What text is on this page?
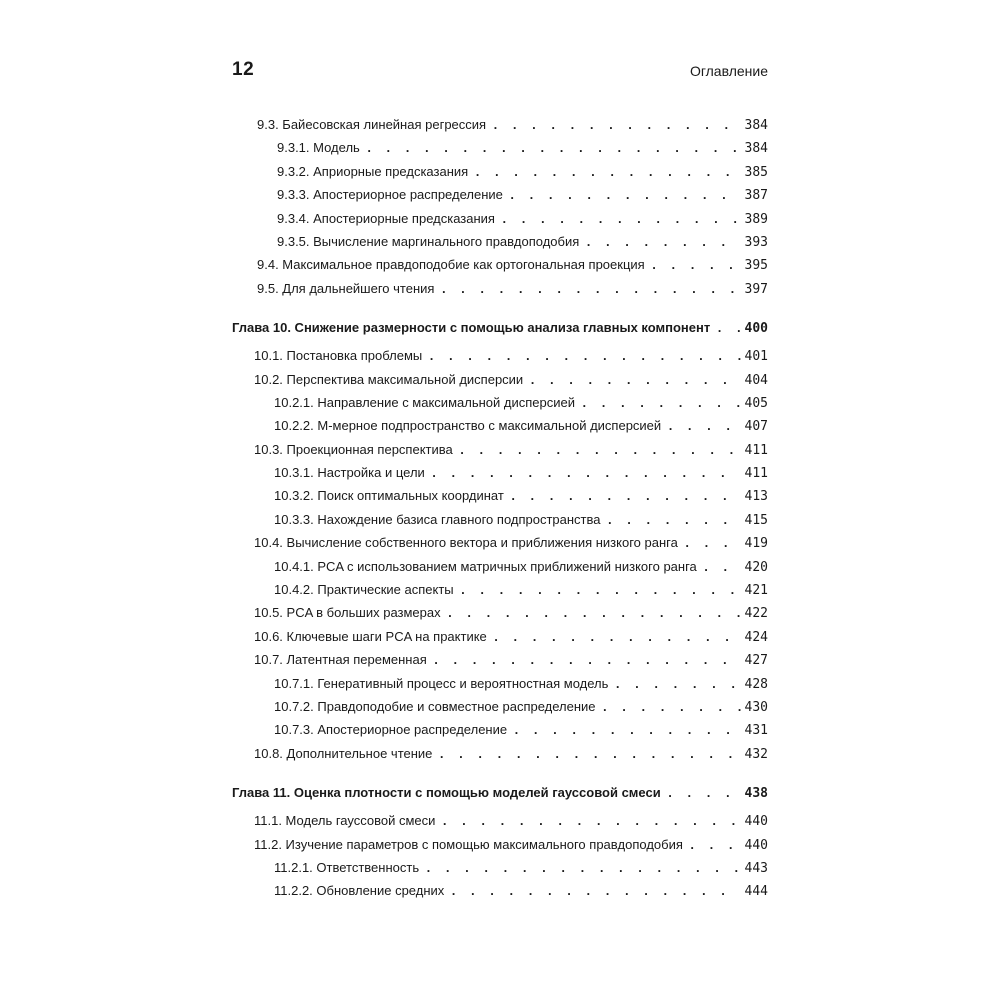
12	Оглавление
9.3. Байесовская линейная регрессия . . .	384
9.3.1. Модель . . .	384
9.3.2. Априорные предсказания . . .	385
9.3.3. Апостериорное распределение . . .	387
9.3.4. Апостериорные предсказания . . .	389
9.3.5. Вычисление маргинального правдоподобия . . .	393
9.4. Максимальное правдоподобие как ортогональная проекция . . .	395
9.5. Для дальнейшего чтения . . .	397
Глава 10. Снижение размерности с помощью анализа главных компонент . . .	400
10.1. Постановка проблемы . . .	401
10.2. Перспектива максимальной дисперсии . . .	404
10.2.1. Направление с максимальной дисперсией . . .	405
10.2.2. M-мерное подпространство с максимальной дисперсией . . .	407
10.3. Проекционная перспектива . . .	411
10.3.1. Настройка и цели . . .	411
10.3.2. Поиск оптимальных координат . . .	413
10.3.3. Нахождение базиса главного подпространства . . .	415
10.4. Вычисление собственного вектора и приближения низкого ранга . . .	419
10.4.1. PCA с использованием матричных приближений низкого ранга . . .	420
10.4.2. Практические аспекты . . .	421
10.5. PCA в больших размерах . . .	422
10.6. Ключевые шаги PCA на практике . . .	424
10.7. Латентная переменная . . .	427
10.7.1. Генеративный процесс и вероятностная модель . . .	428
10.7.2. Правдоподобие и совместное распределение . . .	430
10.7.3. Апостериорное распределение . . .	431
10.8. Дополнительное чтение . . .	432
Глава 11. Оценка плотности с помощью моделей гауссовой смеси . . .	438
11.1. Модель гауссовой смеси . . .	440
11.2. Изучение параметров с помощью максимального правдоподобия . . .	440
11.2.1. Ответственность . . .	443
11.2.2. Обновление средних . . .	444
